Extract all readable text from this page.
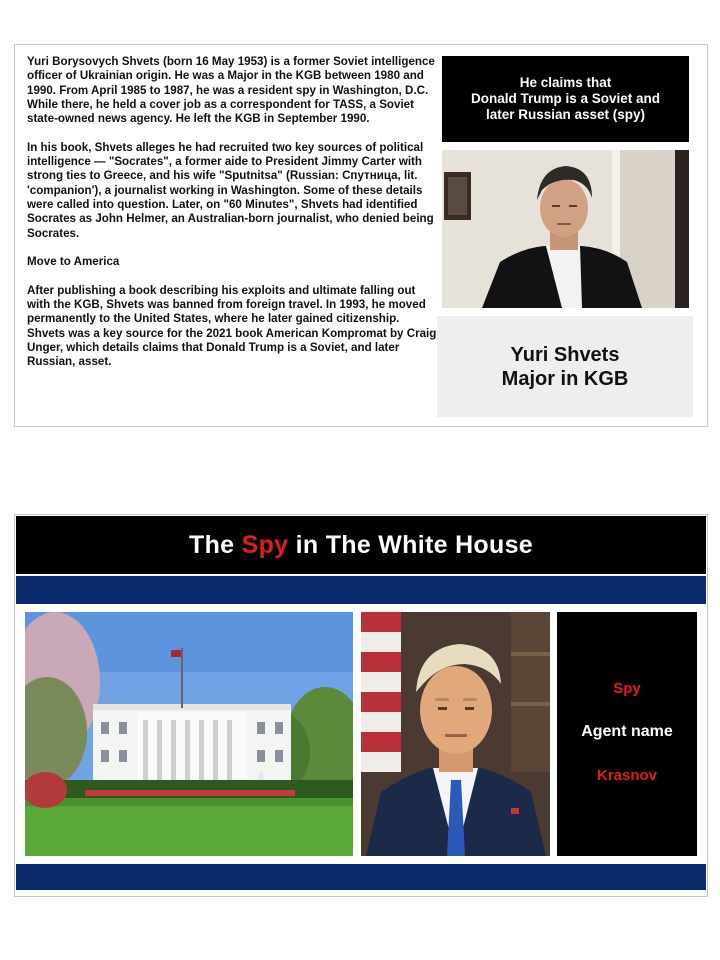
Yuri Borysovych Shvets (born 16 May 1953) is a former Soviet intelligence officer of Ukrainian origin. He was a Major in the KGB between 1980 and 1990. From April 1985 to 1987, he was a resident spy in Washington, D.C. While there, he held a cover job as a correspondent for TASS, a Soviet state-owned news agency. He left the KGB in September 1990.

In his book, Shvets alleges he had recruited two key sources of political intelligence — "Socrates", a former aide to President Jimmy Carter with strong ties to Greece, and his wife "Sputnitsa" (Russian: Спутница, lit. 'companion'), a journalist working in Washington. Some of these details were called into question. Later, on "60 Minutes", Shvets had identified Socrates as John Helmer, an Australian-born journalist, who denied being Socrates.

Move to America

After publishing a book describing his exploits and ultimate falling out with the KGB, Shvets was banned from foreign travel. In 1993, he moved permanently to the United States, where he later gained citizenship. Shvets was a key source for the 2021 book American Kompromat by Craig Unger, which details claims that Donald Trump is a Soviet, and later Russian, asset.

He claims that
Donald Trump is a Soviet and
later Russian asset (spy)
Yuri Shvets
Major in KGB
The
Spy
in The White House
Spy
Agent name
Krasnov
